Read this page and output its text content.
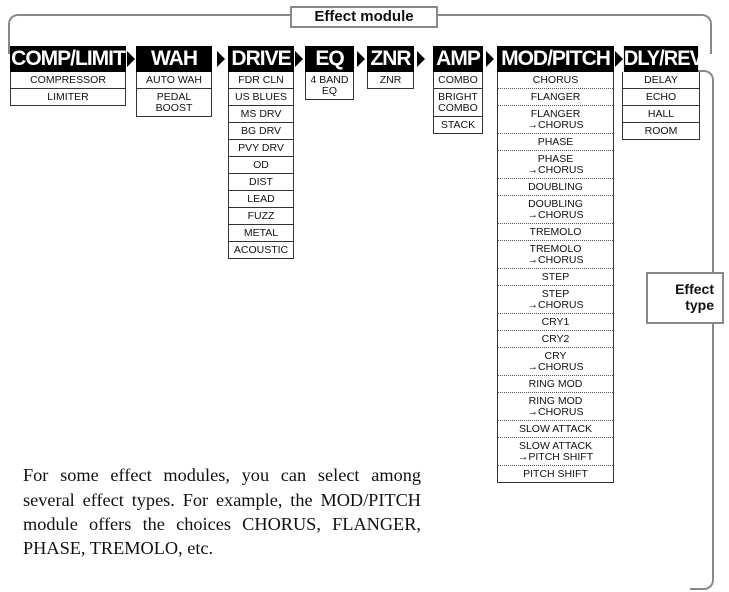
Effect module
Effect
type
COMP/LIMIT
COMPRESSOR
LIMITER
WAH
AUTO WAH
PEDAL
BOOST
DRIVE
FDR CLN
US BLUES
MS DRV
BG DRV
PVY DRV
OD
DIST
LEAD
FUZZ
METAL
ACOUSTIC
EQ
4 BAND
EQ
ZNR
ZNR
AMP
COMBO
BRIGHT
COMBO
STACK
MOD/PITCH
CHORUS
FLANGER
FLANGER
→CHORUS
PHASE
PHASE
→CHORUS
DOUBLING
DOUBLING
→CHORUS
TREMOLO
TREMOLO
→CHORUS
STEP
STEP
→CHORUS
CRY1
CRY2
CRY
→CHORUS
RING MOD
RING MOD
→CHORUS
SLOW ATTACK
SLOW ATTACK
→PITCH SHIFT
PITCH SHIFT
DLY/REV
DELAY
ECHO
HALL
ROOM

For some effect modules, you can select among several effect types. For example, the MOD/PITCH module offers the choices CHORUS, FLANGER, PHASE, TREMOLO, etc.
